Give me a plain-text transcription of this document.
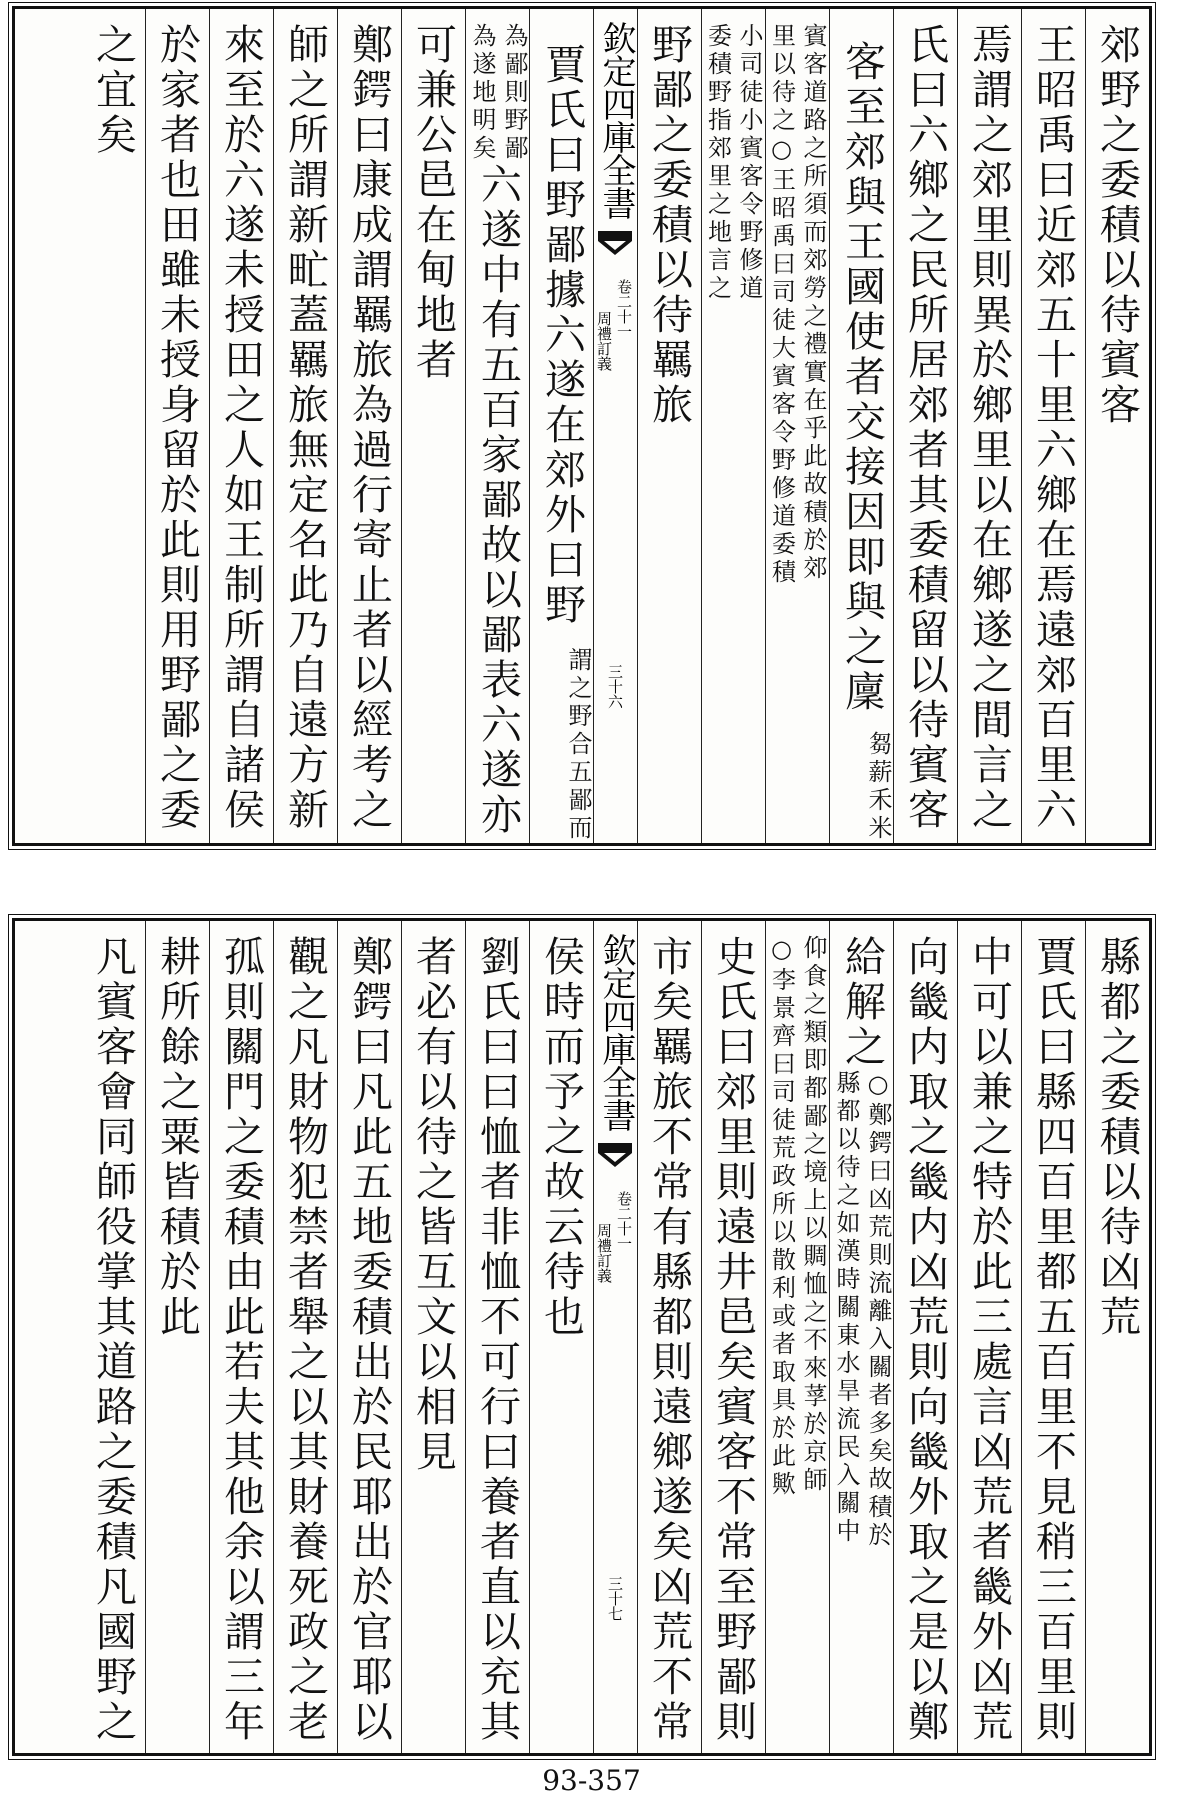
郊野之委積以待賓客
王昭禹曰近郊五十里六鄉在焉遠郊百里六
焉謂之郊里則異於鄉里以在鄉遂之間言之
氏曰六鄉之民所居郊者其委積留以待賓客
客至郊與王國使者交接因即與之廩
芻薪禾米
賓客道路之所須而郊勞之禮實在乎此故積於郊
里以待之○王昭禹曰司徒大賓客令野修道委積
小司徒小賓客令野修道
委積野指郊里之地言之
野鄙之委積以待羈旅
欽定四庫全書
卷二十一
周禮訂義
三十六
賈氏曰野鄙據六遂在郊外曰野
謂之野合五鄙而
為鄙則野鄙
為遂地明矣
六遂中有五百家鄙故以鄙表六遂亦
可兼公邑在甸地者
鄭鍔曰康成謂羈旅為過行寄止者以經考之
師之所謂新甿蓋羈旅無定名此乃自遠方新
來至於六遂未授田之人如王制所謂自諸侯
於家者也田雖未授身留於此則用野鄙之委
之宜矣
縣都之委積以待凶荒
賈氏曰縣四百里都五百里不見稍三百里則
中可以兼之特於此三處言凶荒者畿外凶荒
向畿内取之畿内凶荒則向畿外取之是以鄭
給解之
○鄭鍔曰凶荒則流離入關者多矣故積於
縣都以待之如漢時關東水旱流民入關中
仰食之類即都鄙之境上以賙恤之不來莩於京師
○李景齊曰司徒荒政所以散利或者取具於此歟
史氏曰郊里則遠井邑矣賓客不常至野鄙則
市矣羈旅不常有縣都則遠鄉遂矣凶荒不常
欽定四庫全書
卷二十一
周禮訂義
三十七
侯時而予之故云待也
劉氏曰曰恤者非恤不可行曰養者直以充其
者必有以待之皆互文以相見
鄭鍔曰凡此五地委積出於民耶出於官耶以
觀之凡財物犯禁者舉之以其財養死政之老
孤則關門之委積由此若夫其他余以謂三年
耕所餘之粟皆積於此
凡賓客會同師役掌其道路之委積凡國野之
93-357
